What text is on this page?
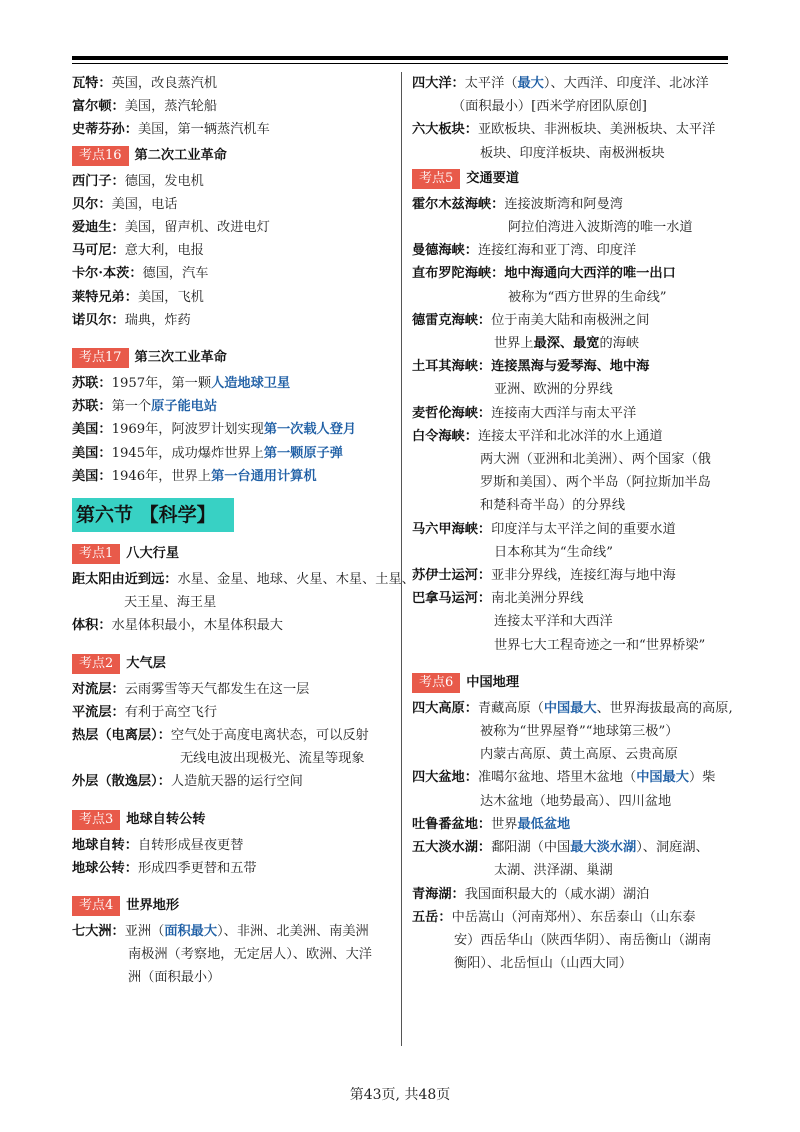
瓦特：英国，改良蒸汽机
富尔顿：美国，蒸汽轮船
史蒂芬孙：美国，第一辆蒸汽机车
考点16 第二次工业革命
西门子：德国，发电机
贝尔：美国，电话
爱迪生：美国，留声机、改进电灯
马可尼：意大利，电报
卡尔·本茨：德国，汽车
莱特兄弟：美国，飞机
诺贝尔：瑞典，炸药
考点17 第三次工业革命
苏联：1957年，第一颗人造地球卫星
苏联：第一个原子能电站
美国：1969年，阿波罗计划实现第一次载人登月
美国：1945年，成功爆炸世界上第一颗原子弹
美国：1946年，世界上第一台通用计算机
第六节 【科学】
考点1 八大行星
距太阳由近到远：水星、金星、地球、火星、木星、土星、
天王星、海王星
体积：水星体积最小，木星体积最大
考点2 大气层
对流层：云雨雾雪等天气都发生在这一层
平流层：有利于高空飞行
热层（电离层）：空气处于高度电离状态，可以反射
无线电波出现极光、流星等现象
外层（散逸层）：人造航天器的运行空间
考点3 地球自转公转
地球自转：自转形成昼夜更替
地球公转：形成四季更替和五带
考点4 世界地形
七大洲：亚洲（面积最大）、非洲、北美洲、南美洲
南极洲（考察地，无定居人）、欧洲、大洋
洲（面积最小）
四大洋：太平洋（最大）、大西洋、印度洋、北冰洋
（面积最小）[西米学府团队原创]
六大板块：亚欧板块、非洲板块、美洲板块、太平洋
板块、印度洋板块、南极洲板块
考点5 交通要道
霍尔木兹海峡：连接波斯湾和阿曼湾
阿拉伯湾进入波斯湾的唯一水道
曼德海峡：连接红海和亚丁湾、印度洋
直布罗陀海峡：地中海通向大西洋的唯一出口
被称为“西方世界的生命线”
德雷克海峡：位于南美大陆和南极洲之间
世界上最深、最宽的海峡
土耳其海峡：连接黑海与爱琴海、地中海
亚洲、欧洲的分界线
麦哲伦海峡：连接南大西洋与南太平洋
白令海峡：连接太平洋和北冰洋的水上通道
两大洲（亚洲和北美洲）、两个国家（俄
罗斯和美国）、两个半岛（阿拉斯加半岛
和楚科奇半岛）的分界线
马六甲海峡：印度洋与太平洋之间的重要水道
日本称其为“生命线”
苏伊士运河：亚非分界线，连接红海与地中海
巴拿马运河：南北美洲分界线
连接太平洋和大西洋
世界七大工程奇迹之一和“世界桥梁”
考点6 中国地理
四大高原：青藏高原（中国最大、世界海拔最高的高原,
被称为“世界屋脊”“地球第三极”）
内蒙古高原、黄土高原、云贵高原
四大盆地：准噶尔盆地、塔里木盆地（中国最大）柴
达木盆地（地势最高）、四川盆地
吐鲁番盆地：世界最低盆地
五大淡水湖：鄱阳湖（中国最大淡水湖）、洞庭湖、
太湖、洪泽湖、巢湖
青海湖：我国面积最大的（咸水湖）湖泊
五岳：中岳嵩山（河南郑州）、东岳泰山（山东泰
安）西岳华山（陕西华阴）、南岳衡山（湖南
衡阳）、北岳恒山（山西大同）
第43页, 共48页
